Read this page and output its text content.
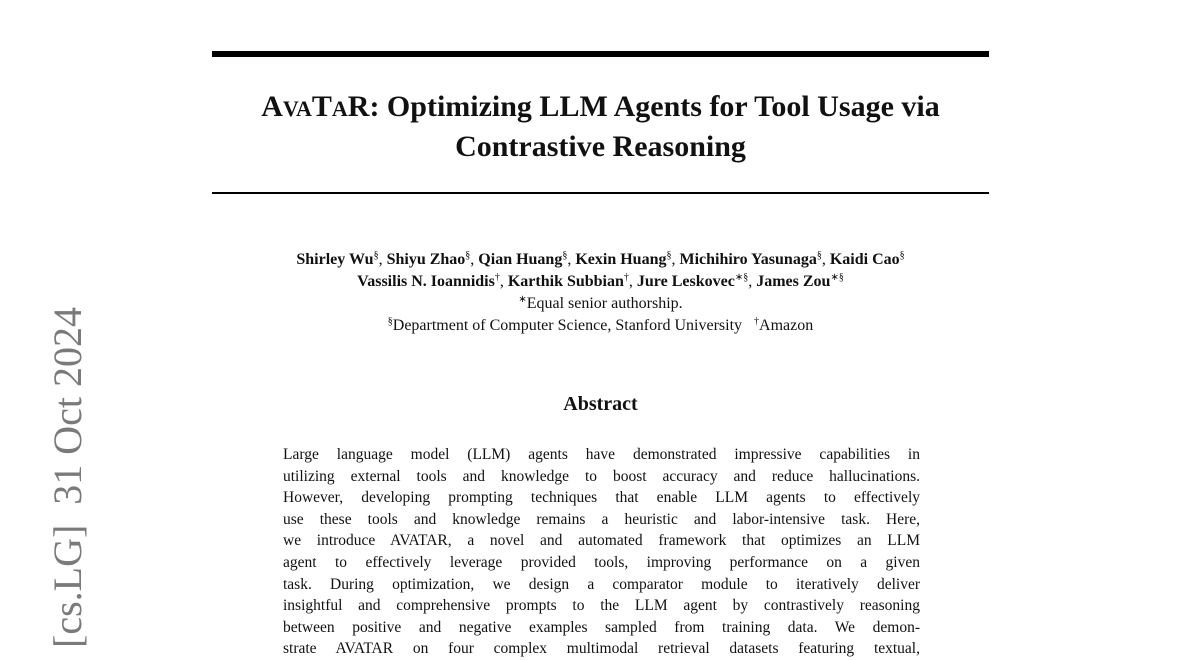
[cs.LG]  31 Oct 2024
AVATAR: Optimizing LLM Agents for Tool Usage via
Contrastive Reasoning
Shirley Wu§, Shiyu Zhao§, Qian Huang§, Kexin Huang§, Michihiro Yasunaga§, Kaidi Cao§
Vassilis N. Ioannidis†, Karthik Subbian†, Jure Leskovec∗§, James Zou∗§
∗Equal senior authorship.
§Department of Computer Science, Stanford University †Amazon
Abstract
Large language model (LLM) agents have demonstrated impressive capabilities in
utilizing external tools and knowledge to boost accuracy and reduce hallucinations.
However, developing prompting techniques that enable LLM agents to effectively
use these tools and knowledge remains a heuristic and labor-intensive task. Here,
we introduce AVATAR, a novel and automated framework that optimizes an LLM
agent to effectively leverage provided tools, improving performance on a given
task. During optimization, we design a comparator module to iteratively deliver
insightful and comprehensive prompts to the LLM agent by contrastively reasoning
between positive and negative examples sampled from training data. We demon-
strate AVATAR on four complex multimodal retrieval datasets featuring textual,
